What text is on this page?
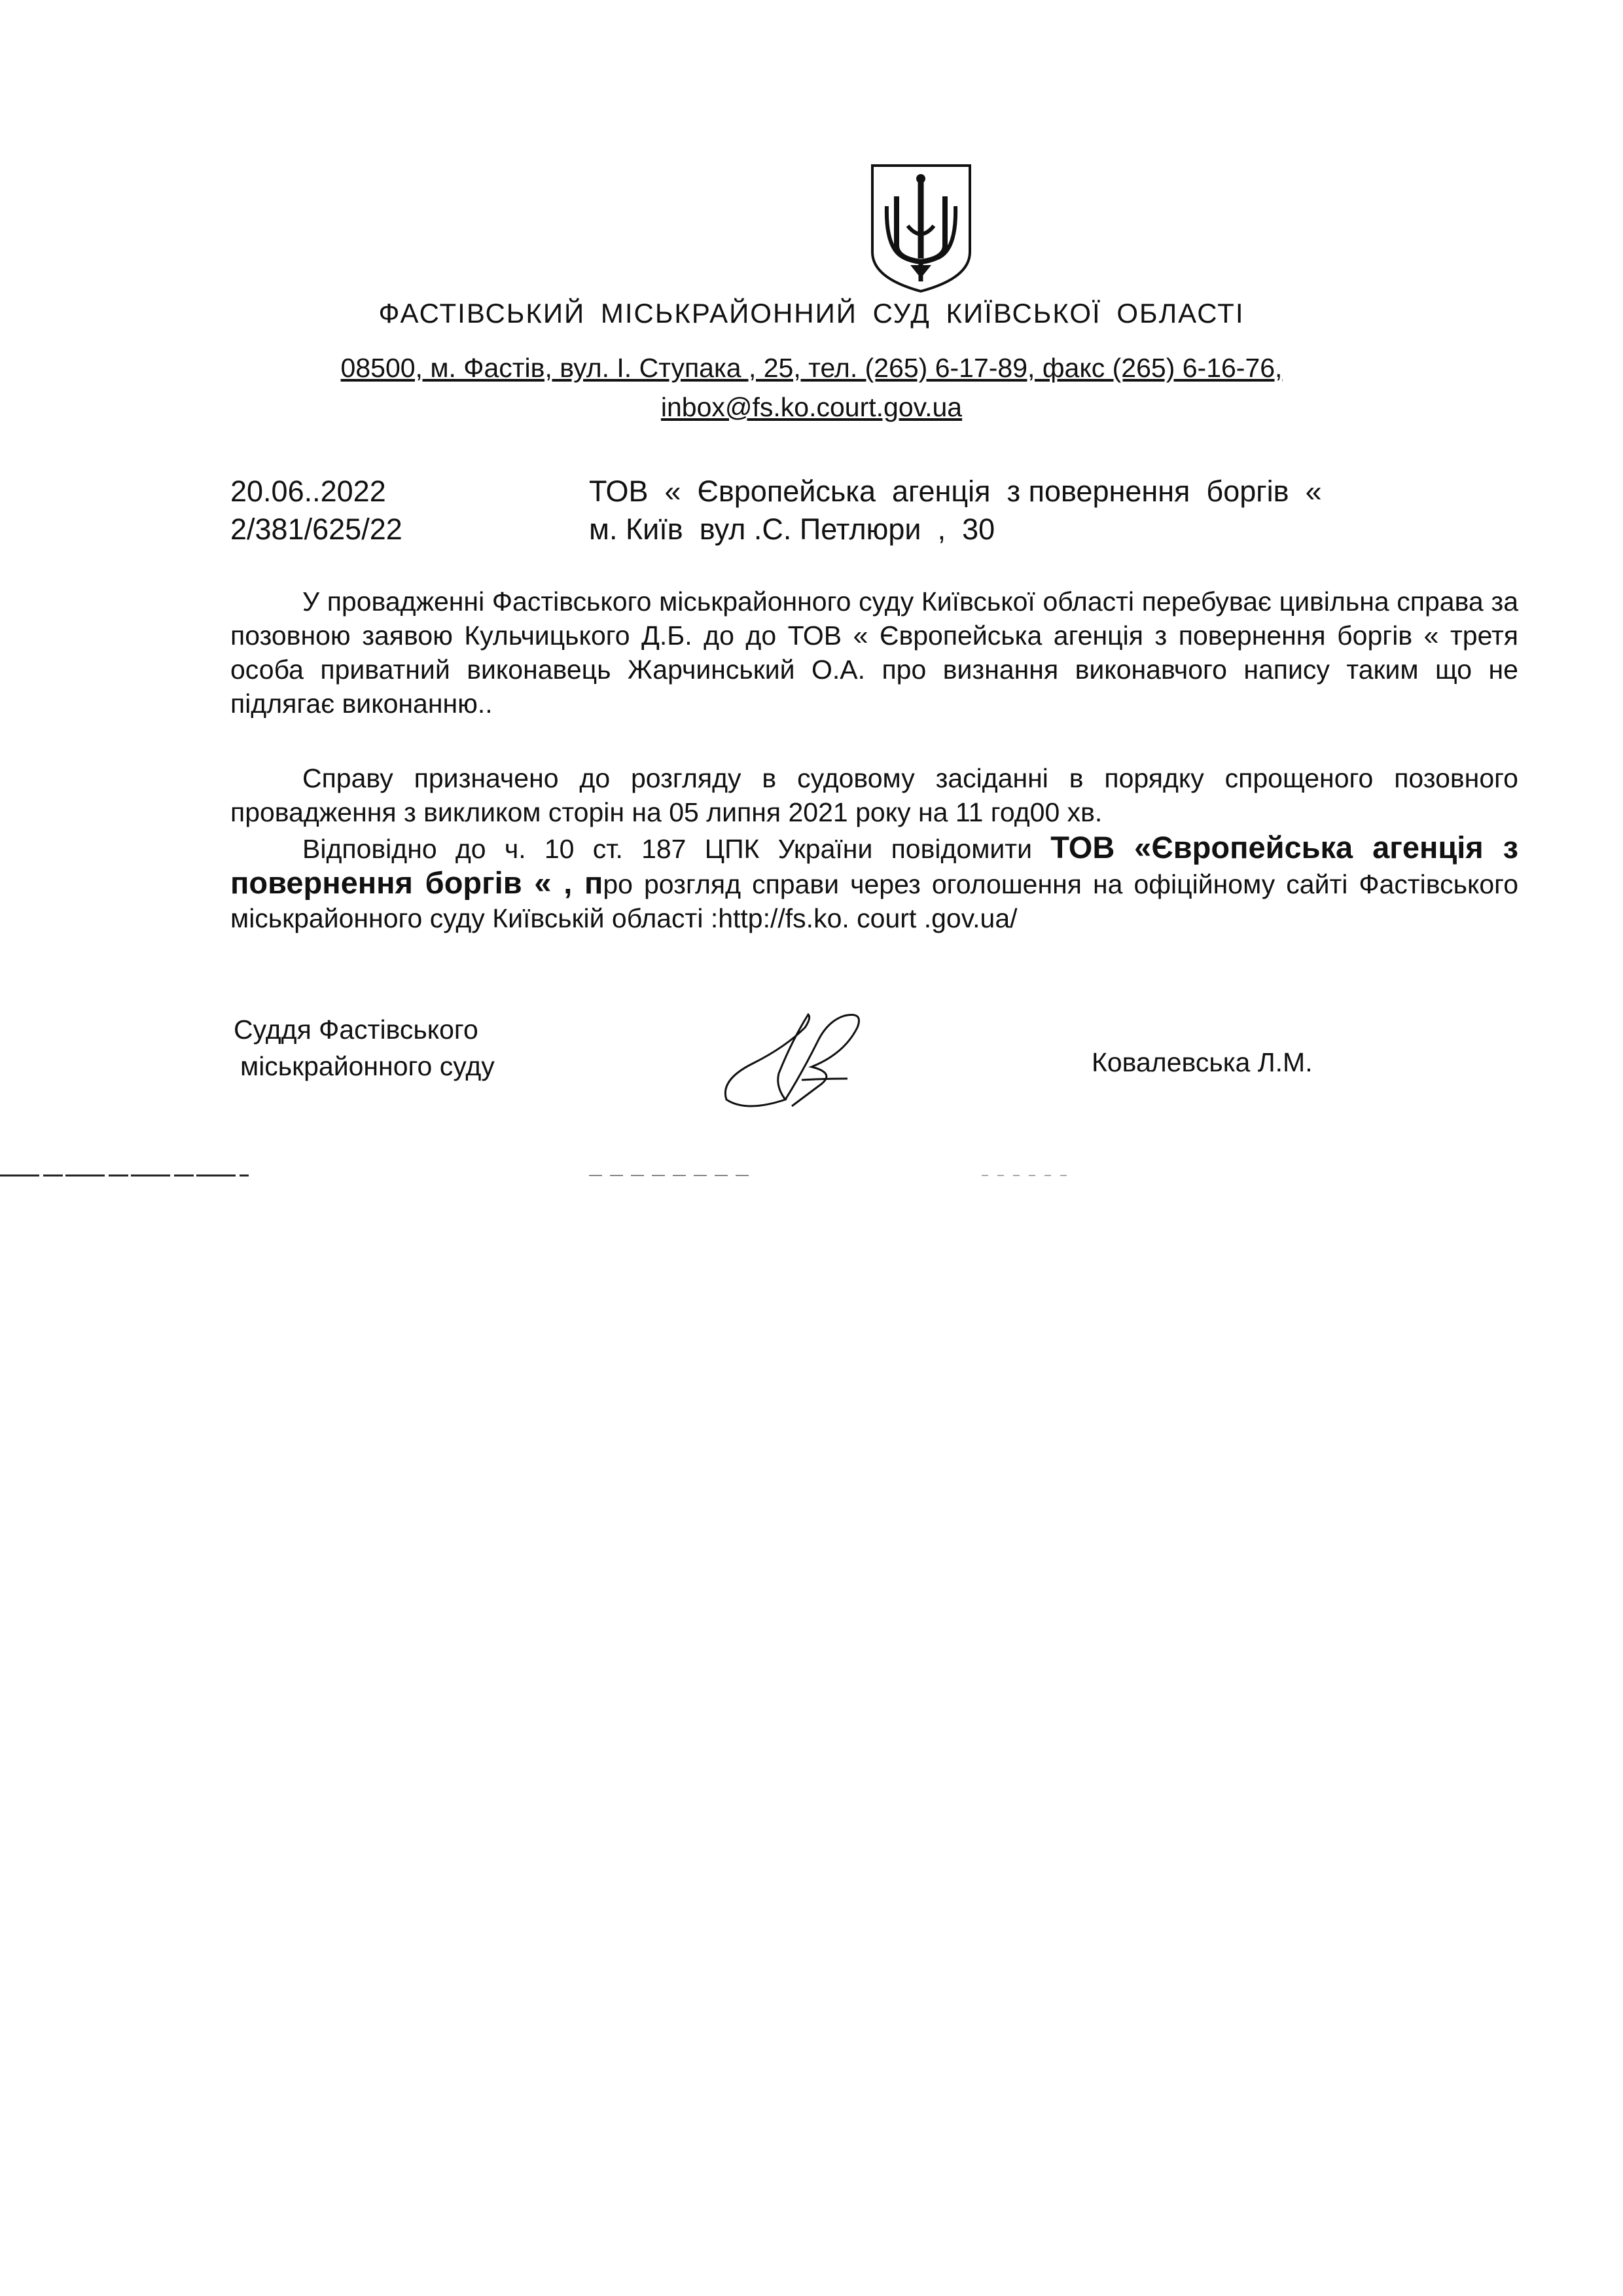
ФАСТІВСЬКИЙ МІСЬКРАЙОННИЙ СУД КИЇВСЬКОЇ ОБЛАСТІ
08500, м. Фастів, вул. І. Ступака , 25, тел. (265) 6-17-89, факс (265) 6-16-76,
inbox@fs.ko.court.gov.ua
20.06..2022
2/381/625/22
ТОВ  «  Європейська  агенція  з повернення  боргів  «
м. Київ  вул .С. Петлюри  ,  30

У провадженні Фастівського міськрайонного суду Київської області перебуває цивільна справа за позовною заявою Кульчицького Д.Б. до до ТОВ « Європейська агенція з повернення боргів « третя особа приватний виконавець Жарчинський О.А. про визнання виконавчого напису таким що не підлягає виконанню..

Справу призначено до розгляду в судовому засіданні в порядку спрощеного позовного провадження з викликом сторін на 05 липня 2021 року на 11 год00 хв.

Відповідно до ч. 10 ст. 187 ЦПК України повідомити ТОВ «Європейська агенція з повернення боргів « , про розгляд справи через оголошення на офіційному сайті Фастівського міськрайонного суду Київській області :http://fs.ko. court .gov.ua/

Суддя Фастівського
міськрайонного суду	Ковалевська Л.М.
